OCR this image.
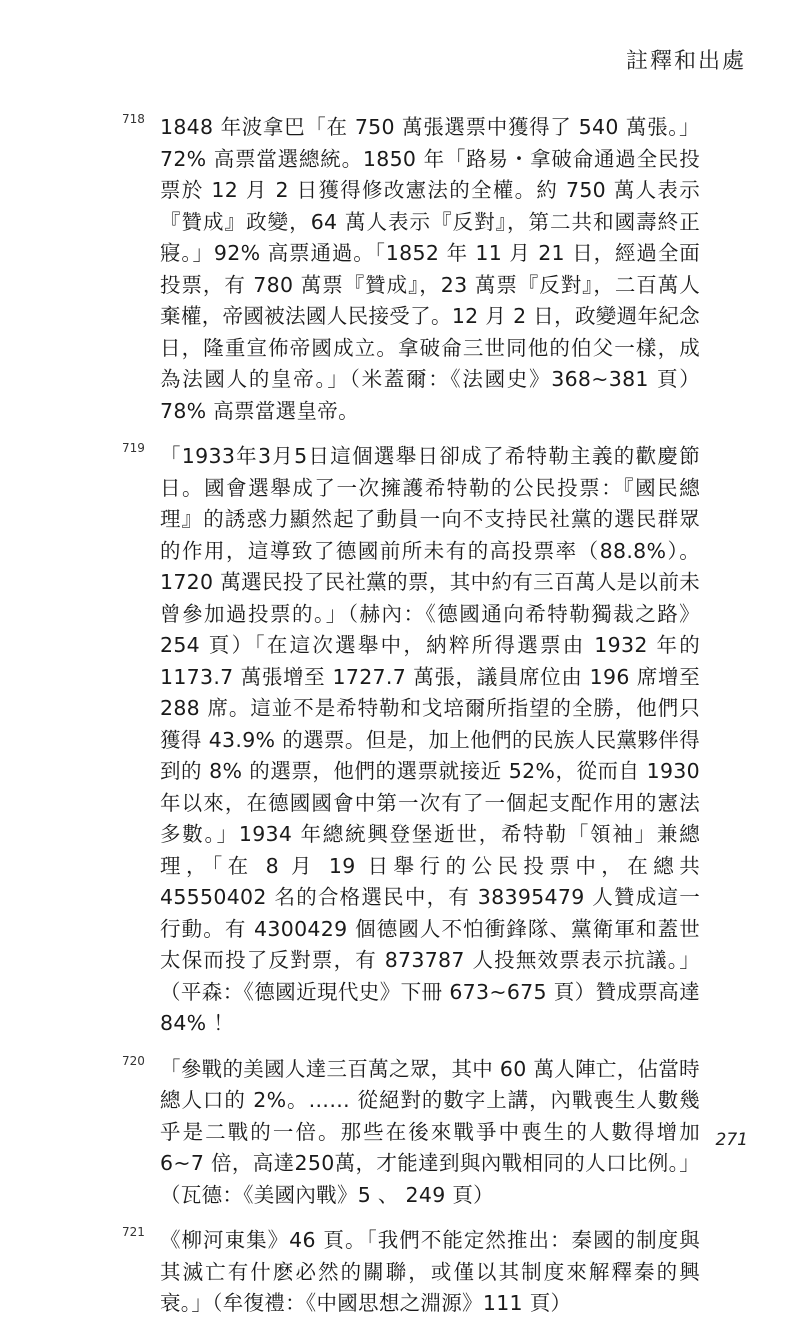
註釋和出處
718 1848 年波拿巴「在 750 萬張選票中獲得了 540 萬張。」72% 高票當選總統。1850 年「路易・拿破侖通過全民投票於 12 月 2 日獲得修改憲法的全權。約 750 萬人表示『贊成』政變，64 萬人表示『反對』，第二共和國壽終正寢。」92% 高票通過。「1852 年 11 月 21 日，經過全面投票，有 780 萬票『贊成』，23 萬票『反對』，二百萬人棄權，帝國被法國人民接受了。12 月 2 日，政變週年紀念日，隆重宣佈帝國成立。拿破侖三世同他的伯父一樣，成為法國人的皇帝。」（米蓋爾：《法國史》368~381 頁）78% 高票當選皇帝。
719 「1933年3月5日這個選舉日卻成了希特勒主義的歡慶節日。國會選舉成了一次擁護希特勒的公民投票：『國民總理』的誘惑力顯然起了動員一向不支持民社黨的選民群眾的作用，這導致了德國前所未有的高投票率（88.8%）。1720 萬選民投了民社黨的票，其中約有三百萬人是以前未曾參加過投票的。」（赫內：《德國通向希特勒獨裁之路》254 頁）「在這次選舉中，納粹所得選票由 1932 年的 1173.7 萬張增至 1727.7 萬張，議員席位由 196 席增至 288 席。這並不是希特勒和戈培爾所指望的全勝，他們只獲得 43.9% 的選票。但是，加上他們的民族人民黨夥伴得到的 8% 的選票，他們的選票就接近 52%，從而自 1930 年以來，在德國國會中第一次有了一個起支配作用的憲法多數。」1934 年總統興登堡逝世，希特勒「領袖」兼總理，「在 8 月 19 日舉行的公民投票中，在總共 45550402 名的合格選民中，有 38395479 人贊成這一行動。有 4300429 個德國人不怕衝鋒隊、黨衛軍和蓋世太保而投了反對票，有 873787 人投無效票表示抗議。」（平森：《德國近現代史》下冊 673~675 頁）贊成票高達 84% ！
720 「參戰的美國人達三百萬之眾，其中 60 萬人陣亡，佔當時總人口的 2%。…… 從絕對的數字上講，內戰喪生人數幾乎是二戰的一倍。那些在後來戰爭中喪生的人數得增加 6~7 倍，高達250萬，才能達到與內戰相同的人口比例。」（瓦德：《美國內戰》5 、 249 頁）
721 《柳河東集》46 頁。「我們不能定然推出：秦國的制度與其滅亡有什麽必然的關聯，或僅以其制度來解釋秦的興衰。」（牟復禮：《中國思想之淵源》111 頁）
271
